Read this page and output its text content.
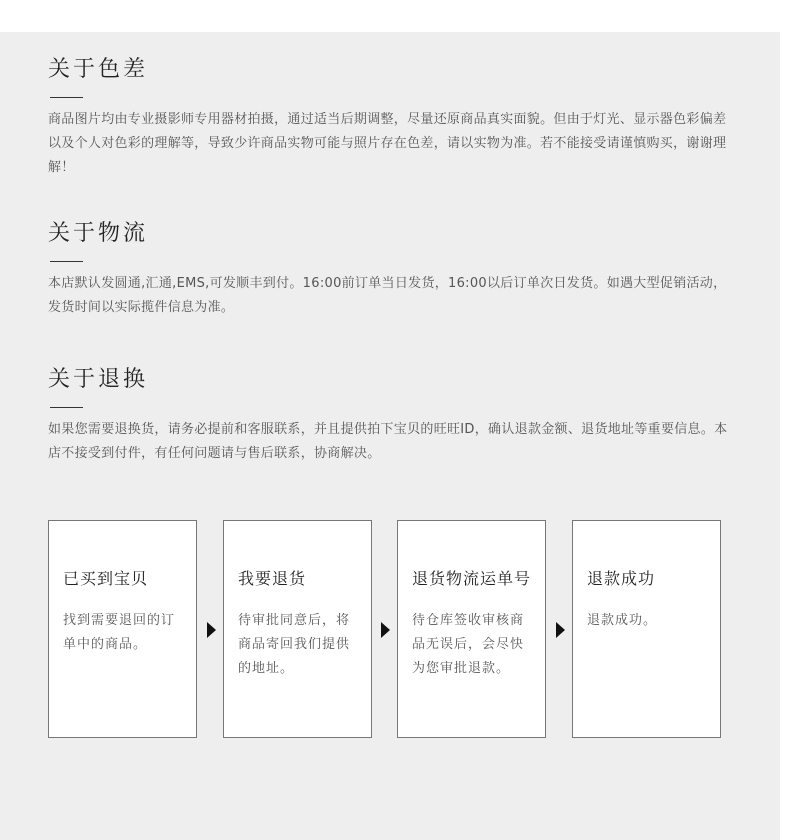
关于色差

商品图片均由专业摄影师专用器材拍摄，通过适当后期调整，尽量还原商品真实面貌。但由于灯光、显示器色彩偏差以及个人对色彩的理解等，导致少许商品实物可能与照片存在色差，请以实物为准。若不能接受请谨慎购买，谢谢理解！

关于物流

本店默认发圆通,汇通,EMS,可发顺丰到付。16:00前订单当日发货，16:00以后订单次日发货。如遇大型促销活动，发货时间以实际揽件信息为准。

关于退换

如果您需要退换货，请务必提前和客服联系，并且提供拍下宝贝的旺旺ID，确认退款金额、退货地址等重要信息。本店不接受到付件，有任何问题请与售后联系，协商解决。

已买到宝贝

找到需要退回的订单中的商品。

我要退货

待审批同意后，将商品寄回我们提供的地址。

退货物流运单号

待仓库签收审核商品无误后，会尽快为您审批退款。

退款成功

退款成功。
